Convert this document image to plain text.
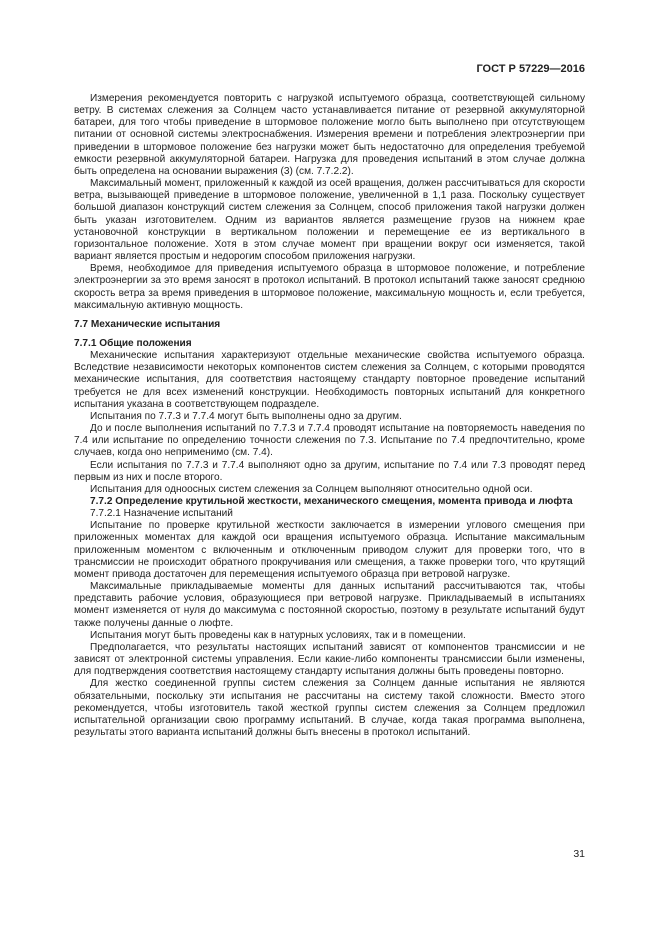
ГОСТ Р 57229—2016

Измерения рекомендуется повторить с нагрузкой испытуемого образца, соответствующей сильному ветру. В системах слежения за Солнцем часто устанавливается питание от резервной аккумуляторной батареи, для того чтобы приведение в штормовое положение могло быть выполнено при отсутствующем питании от основной системы электроснабжения. Измерения времени и потребления электроэнергии при приведении в штормовое положение без нагрузки может быть недостаточно для определения требуемой емкости резервной аккумуляторной батареи. Нагрузка для проведения испытаний в этом случае должна быть определена на основании выражения (3) (см. 7.7.2.2).

Максимальный момент, приложенный к каждой из осей вращения, должен рассчитываться для скорости ветра, вызывающей приведение в штормовое положение, увеличенной в 1,1 раза. Поскольку существует большой диапазон конструкций систем слежения за Солнцем, способ приложения такой нагрузки должен быть указан изготовителем. Одним из вариантов является размещение грузов на нижнем крае установочной конструкции в вертикальном положении и перемещение ее из вертикального в горизонтальное положение. Хотя в этом случае момент при вращении вокруг оси изменяется, такой вариант является простым и недорогим способом приложения нагрузки.

Время, необходимое для приведения испытуемого образца в штормовое положение, и потребление электроэнергии за это время заносят в протокол испытаний. В протокол испытаний также заносят среднюю скорость ветра за время приведения в штормовое положение, максимальную мощность и, если требуется, максимальную активную мощность.

7.7 Механические испытания

7.7.1 Общие положения

Механические испытания характеризуют отдельные механические свойства испытуемого образца. Вследствие независимости некоторых компонентов систем слежения за Солнцем, с которыми проводятся механические испытания, для соответствия настоящему стандарту повторное проведение испытаний требуется не для всех изменений конструкции. Необходимость повторных испытаний для конкретного испытания указана в соответствующем подразделе.

Испытания по 7.7.3 и 7.7.4 могут быть выполнены одно за другим.

До и после выполнения испытаний по 7.7.3 и 7.7.4 проводят испытание на повторяемость наведения по 7.4 или испытание по определению точности слежения по 7.3. Испытание по 7.4 предпочтительно, кроме случаев, когда оно неприменимо (см. 7.4).

Если испытания по 7.7.3 и 7.7.4 выполняют одно за другим, испытание по 7.4 или 7.3 проводят перед первым из них и после второго.

Испытания для одноосных систем слежения за Солнцем выполняют относительно одной оси.

7.7.2 Определение крутильной жесткости, механического смещения, момента привода и люфта

7.7.2.1 Назначение испытаний

Испытание по проверке крутильной жесткости заключается в измерении углового смещения при приложенных моментах для каждой оси вращения испытуемого образца. Испытание максимальным приложенным моментом с включенным и отключенным приводом служит для проверки того, что в трансмиссии не происходит обратного прокручивания или смещения, а также проверки того, что крутящий момент привода достаточен для перемещения испытуемого образца при ветровой нагрузке.

Максимальные прикладываемые моменты для данных испытаний рассчитываются так, чтобы представить рабочие условия, образующиеся при ветровой нагрузке. Прикладываемый в испытаниях момент изменяется от нуля до максимума с постоянной скоростью, поэтому в результате испытаний будут также получены данные о люфте.

Испытания могут быть проведены как в натурных условиях, так и в помещении.

Предполагается, что результаты настоящих испытаний зависят от компонентов трансмиссии и не зависят от электронной системы управления. Если какие-либо компоненты трансмиссии были изменены, для подтверждения соответствия настоящему стандарту испытания должны быть проведены повторно.

Для жестко соединенной группы систем слежения за Солнцем данные испытания не являются обязательными, поскольку эти испытания не рассчитаны на систему такой сложности. Вместо этого рекомендуется, чтобы изготовитель такой жесткой группы систем слежения за Солнцем предложил испытательной организации свою программу испытаний. В случае, когда такая программа выполнена, результаты этого варианта испытаний должны быть внесены в протокол испытаний.

31
